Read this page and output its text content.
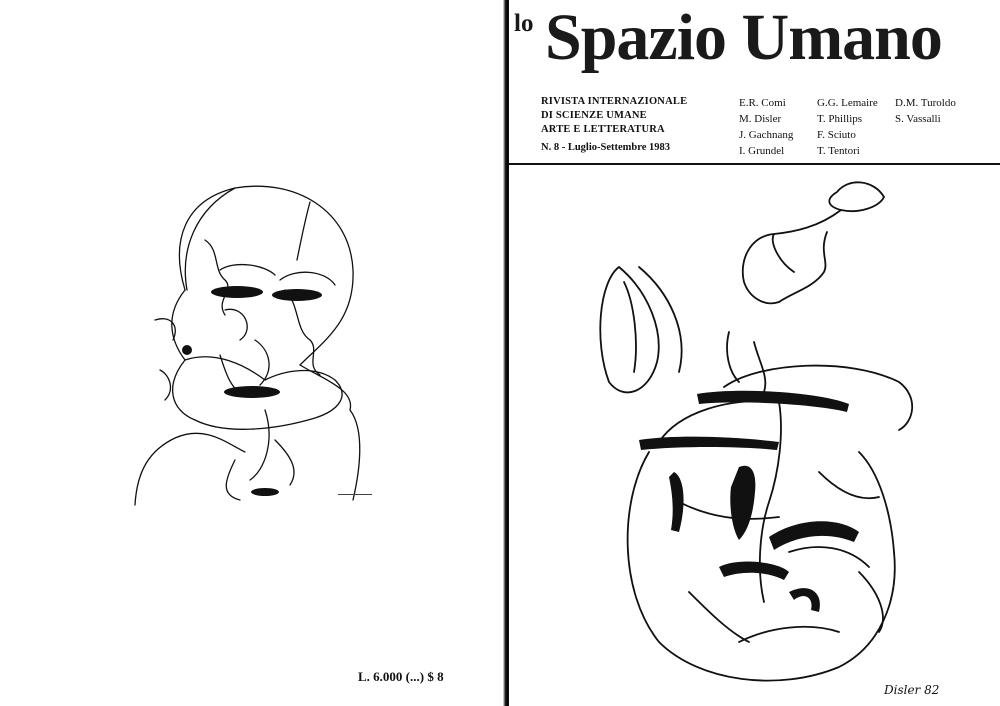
L. 6.000 (...) $ 8
lo Spazio Umano
RIVISTA INTERNAZIONALE
DI SCIENZE UMANE
ARTE E LETTERATURA
N. 8 - Luglio-Settembre 1983
E.R. Comi
M. Disler
J. Gachnang
I. Grundel
G.G. Lemaire
T. Phillips
F. Sciuto
T. Tentori
D.M. Turoldo
S. Vassalli
Disler 82
